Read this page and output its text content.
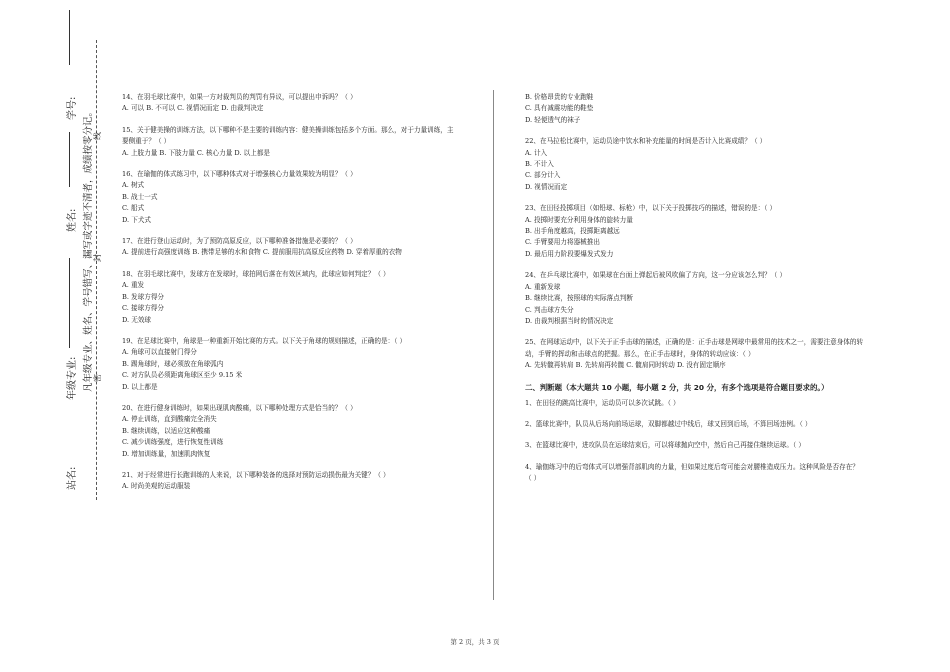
学号:
姓名:
年级专业:
站名:
凡年级专业、姓名、学号错写、漏写或字迹不清者，成绩按零分记。 密
封
线

14、在羽毛球比赛中，如果一方对裁判员的判罚有异议，可以提出申诉吗？（ ）

A. 可以 B. 不可以 C. 视情况而定 D. 由裁判决定

15、关于健美操的训练方法，以下哪种不是主要的训练内容：健美操训练包括多个方面。那么，对于力量训练，主要侧重于？（ ）

A. 上肢力量 B. 下肢力量 C. 核心力量 D. 以上都是

16、在瑜伽的体式练习中，以下哪种体式对于增强核心力量效果较为明显？（ ）

A. 树式

B. 战士一式

C. 船式

D. 下犬式

17、在进行登山运动时，为了预防高原反应，以下哪种准备措施是必要的？（ ）

A. 提前进行高强度训练 B. 携带足够的水和食物 C. 提前服用抗高原反应药物 D. 穿着厚重的衣物

18、在羽毛球比赛中，发球方在发球时，球拍网后落在有效区域内，此球应如何判定？（ ）

A. 重发

B. 发球方得分

C. 接球方得分

D. 无效球

19、在足球比赛中，角球是一种重新开始比赛的方式。以下关于角球的规则描述，正确的是：（ ）

A. 角球可以直接射门得分

B. 踢角球时，球必须放在角球弧内

C. 对方队员必须距离角球区至少 9.15 米

D. 以上都是

20、在进行健身训练时，如果出现肌肉酸痛，以下哪种处理方式是恰当的？（ ）

A. 停止训练，直到酸痛完全消失

B. 继续训练，以适应这种酸痛

C. 减少训练强度，进行恢复性训练

D. 增加训练量，加速肌肉恢复

21、对于经常进行长跑训练的人来说，以下哪种装备的选择对预防运动损伤最为关键？（ ）

A. 时尚美观的运动服装

B. 价格昂贵的专业跑鞋

C. 具有减震功能的鞋垫

D. 轻便透气的袜子

22、在马拉松比赛中，运动员途中饮水和补充能量的时间是否计入比赛成绩？（ ）

A. 计入

B. 不计入

C. 部分计入

D. 视情况而定

23、在田径投掷项目（如铅球、标枪）中，以下关于投掷技巧的描述，错误的是：（ ）

A. 投掷时要充分利用身体的旋转力量

B. 出手角度越高，投掷距离越远

C. 手臂要用力将器械推出

D. 最后用力阶段要爆发式发力

24、在乒乓球比赛中，如果球在台面上弹起后被风吹偏了方向，这一分应该怎么判？（ ）

A. 重新发球

B. 继续比赛，按照球的实际落点判断

C. 判击球方失分

D. 由裁判根据当时的情况决定

25、在网球运动中，以下关于正手击球的描述，正确的是：正手击球是网球中最常用的技术之一，需要注意身体的转动，手臂的挥动和击球点的把握。那么，在正手击球时，身体的转动应该：（ ）

A. 先转髋再转肩 B. 先转肩再转髋 C. 髋肩同时转动 D. 没有固定顺序

二、判断题（本大题共 10 小题，每小题 2 分，共 20 分，有多个选项是符合题目要求的。）

1、在田径的跳高比赛中，运动员可以多次试跳。（ ）

2、篮球比赛中，队员从后场向前场运球，双脚都越过中线后，球又回到后场，不算回场违例。（ ）

3、在篮球比赛中，进攻队员在运球结束后，可以将球抛向空中，然后自己再接住继续运球。（ ）

4、瑜伽练习中的后弯体式可以增强背部肌肉的力量，但如果过度后弯可能会对腰椎造成压力。这种风险是否存在？（ ）

第 2 页，共 3 页
